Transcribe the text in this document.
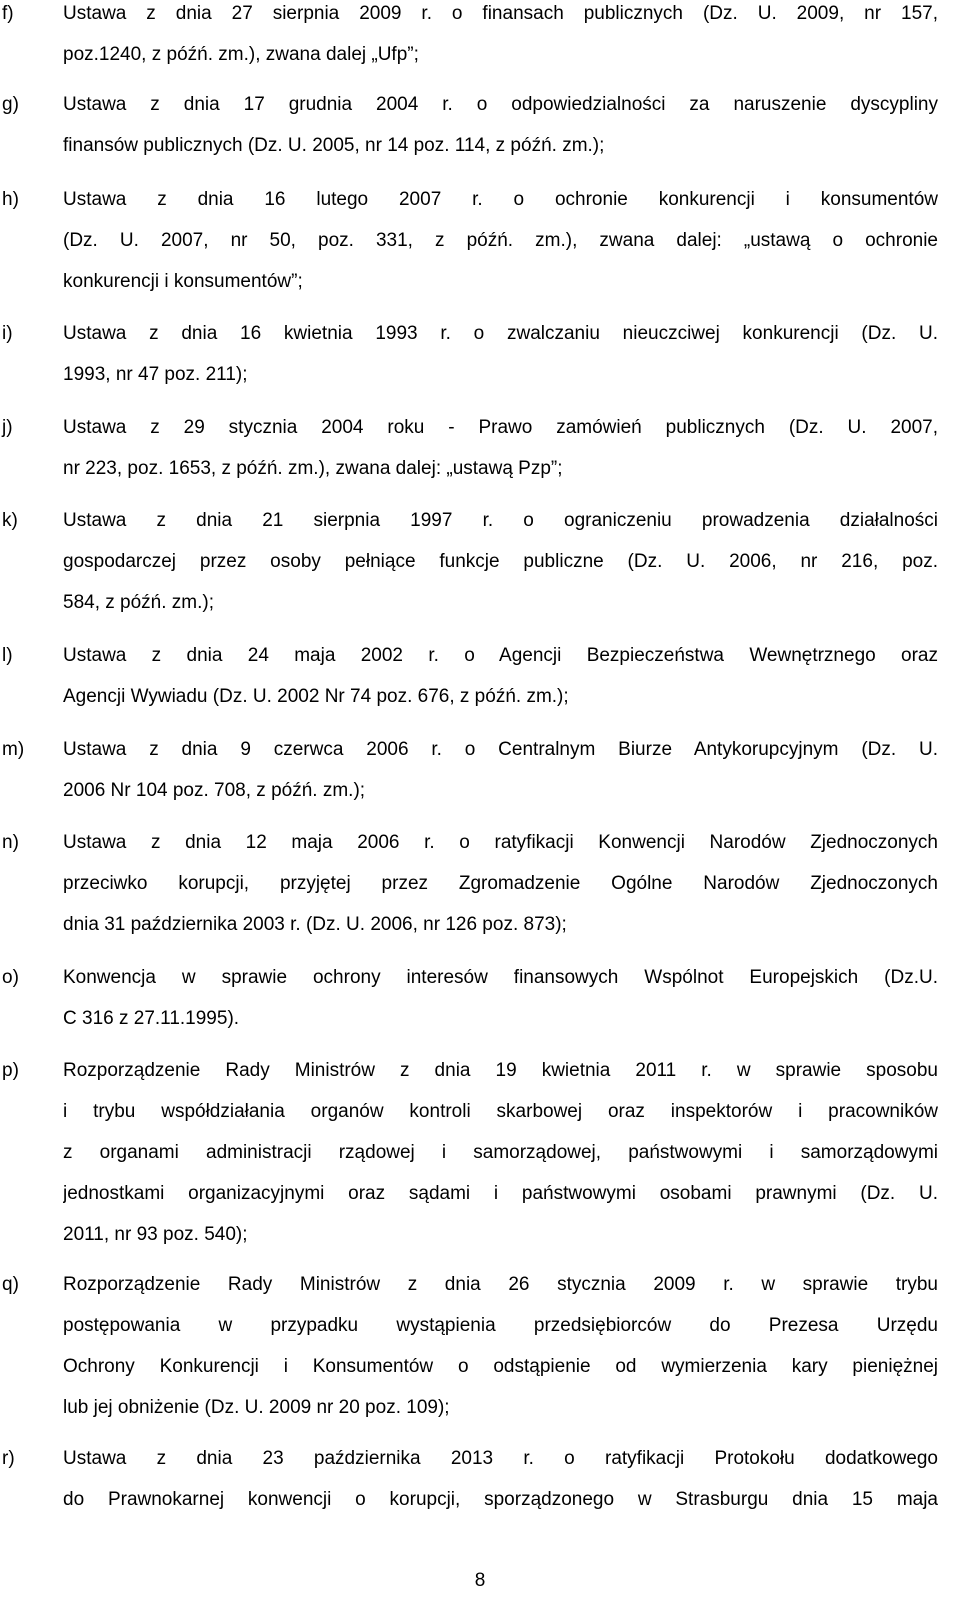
f)	Ustawa z dnia 27 sierpnia 2009 r. o finansach publicznych (Dz. U. 2009, nr 157,
poz.1240, z późń. zm.), zwana dalej „Ufp”;
g) Ustawa z dnia 17 grudnia 2004 r. o odpowiedzialności za naruszenie dyscypliny
finansów publicznych (Dz. U. 2005, nr 14 poz. 114, z późń. zm.);
h) Ustawa z dnia 16 lutego 2007 r. o ochronie konkurencji i konsumentów
(Dz. U. 2007, nr 50, poz. 331, z późń. zm.), zwana dalej: „ustawą o ochronie
konkurencji i konsumentów”;
i)	Ustawa z dnia 16 kwietnia 1993 r. o zwalczaniu nieuczciwej konkurencji (Dz. U.
1993, nr 47 poz. 211);
j)	Ustawa z 29 stycznia 2004 roku - Prawo zamówień publicznych (Dz. U. 2007,
nr 223, poz. 1653, z późń. zm.), zwana dalej: „ustawą Pzp”;
k) Ustawa z dnia 21 sierpnia 1997 r. o ograniczeniu prowadzenia działalności
gospodarczej przez osoby pełniące funkcje publiczne (Dz. U. 2006, nr 216, poz.
584, z późń. zm.);
l)	Ustawa z dnia 24 maja 2002 r. o Agencji Bezpieczeństwa Wewnętrznego oraz
Agencji Wywiadu (Dz. U. 2002 Nr 74 poz. 676, z późń. zm.);
m) Ustawa z dnia 9 czerwca 2006 r. o Centralnym Biurze Antykorupcyjnym (Dz. U.
2006 Nr 104 poz. 708, z późń. zm.);
n) Ustawa z dnia 12 maja 2006 r. o ratyfikacji Konwencji Narodów Zjednoczonych
przeciwko korupcji, przyjętej przez Zgromadzenie Ogólne Narodów Zjednoczonych
dnia 31 października 2003 r. (Dz. U. 2006, nr 126 poz. 873);
o) Konwencja w sprawie ochrony interesów finansowych Wspólnot Europejskich (Dz.U.
C 316 z 27.11.1995).
p) Rozporządzenie Rady Ministrów z dnia 19 kwietnia 2011 r. w sprawie sposobu
i trybu współdziałania organów kontroli skarbowej oraz inspektorów i pracowników
z organami administracji rządowej i samorządowej, państwowymi i samorządowymi
jednostkami organizacyjnymi oraz sądami i państwowymi osobami prawnymi (Dz. U.
2011, nr 93 poz. 540);
q) Rozporządzenie Rady Ministrów z dnia 26 stycznia 2009 r. w sprawie trybu
postępowania w przypadku wystąpienia przedsiębiorców do Prezesa Urzędu
Ochrony Konkurencji i Konsumentów o odstąpienie od wymierzenia kary pieniężnej
lub jej obniżenie (Dz. U. 2009 nr 20 poz. 109);
r)	Ustawa z dnia 23 października 2013 r. o ratyfikacji Protokołu dodatkowego
do Prawnokarnej konwencji o korupcji, sporządzonego w Strasburgu dnia 15 maja
8
